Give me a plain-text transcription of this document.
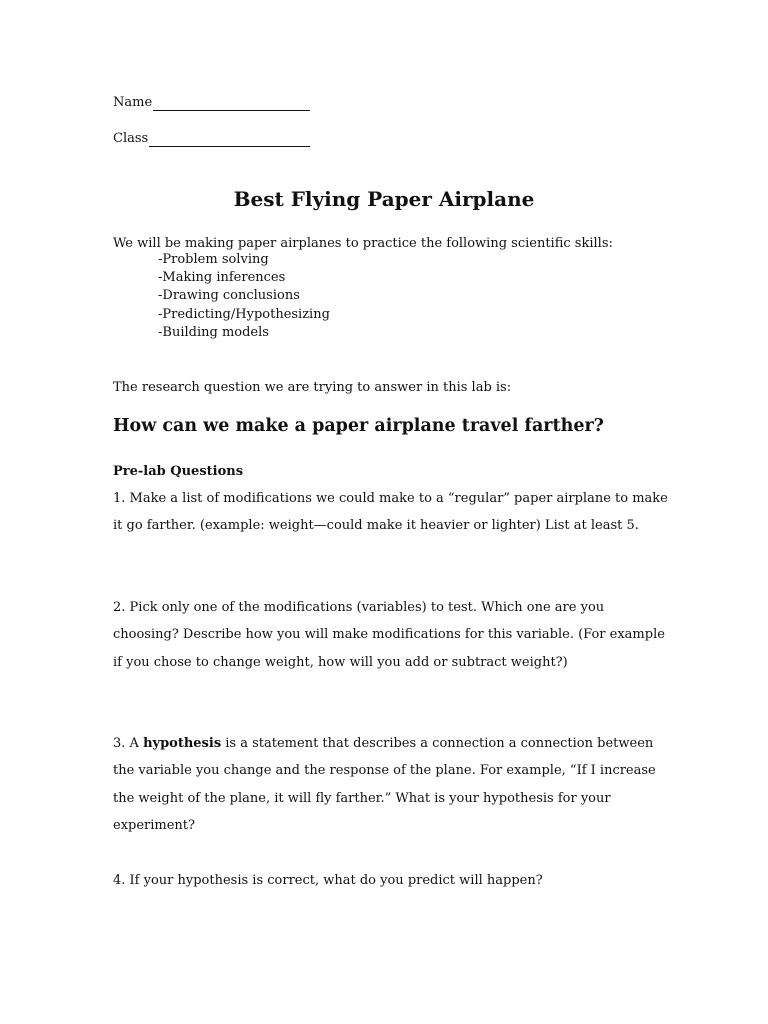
Name
Class
Best Flying Paper Airplane
We will be making paper airplanes to practice the following scientific skills:
-Problem solving
-Making inferences
-Drawing conclusions
-Predicting/Hypothesizing
-Building models
The research question we are trying to answer in this lab is:
How can we make a paper airplane travel farther?
Pre-lab Questions

1. Make a list of modifications we could make to a “regular” paper airplane to make
it go farther. (example: weight—could make it heavier or lighter) List at least 5.

2. Pick only one of the modifications (variables) to test. Which one are you
choosing? Describe how you will make modifications for this variable. (For example
if you chose to change weight, how will you add or subtract weight?)

3. A hypothesis is a statement that describes a connection a connection between
the variable you change and the response of the plane. For example, “If I increase
the weight of the plane, it will fly farther.” What is your hypothesis for your
experiment?

4. If your hypothesis is correct, what do you predict will happen?
